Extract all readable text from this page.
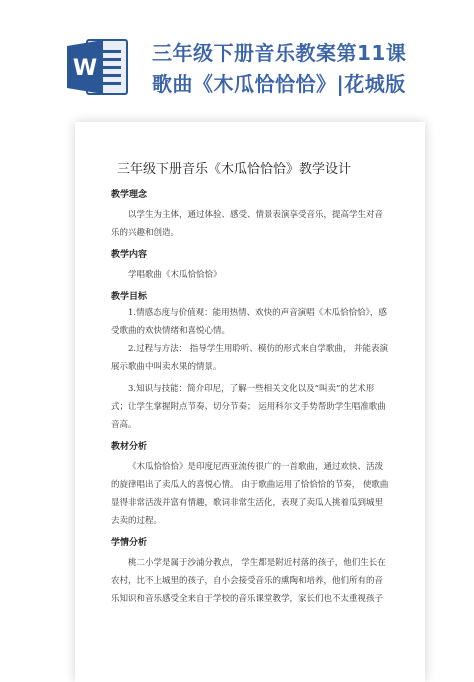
W
三年级下册音乐教案第11课
歌曲《木瓜恰恰恰》|花城版
·
三年级下册音乐《木瓜恰恰恰》教学设计
教学理念

以学生为主体，通过体验、感受、情景表演享受音乐，提高学生对音乐的兴趣和创造。

教学内容

学唱歌曲《木瓜恰恰恰》

教学目标

1.情感态度与价值观：能用热情、欢快的声音演唱《木瓜恰恰恰》，感受歌曲的欢快情绪和喜悦心情。

2.过程与方法： 指导学生用聆听、模仿的形式来自学歌曲， 并能表演展示歌曲中叫卖水果的情景。

3.知识与技能：简介印尼，了解一些相关文化以及“叫卖”的艺术形式；让学生掌握附点节奏、切分节奏； 运用科尔文手势帮助学生唱准歌曲音高。

教材分析

《木瓜恰恰恰》是印度尼西亚流传很广的一首歌曲，通过欢快、活泼的旋律唱出了卖瓜人的喜悦心情。 由于歌曲运用了恰恰恰的节奏， 使歌曲显得非常活泼并富有情趣，歌词非常生活化，表现了卖瓜人挑着瓜到城里去卖的过程。

学情分析

桃二小学是属于沙浦分教点， 学生都是附近村落的孩子，他们生长在农村，比不上城里的孩子，自小会接受音乐的熏陶和培养，他们所有的音乐知识和音乐感受全来自于学校的音乐课堂教学，家长们也不太重视孩子
